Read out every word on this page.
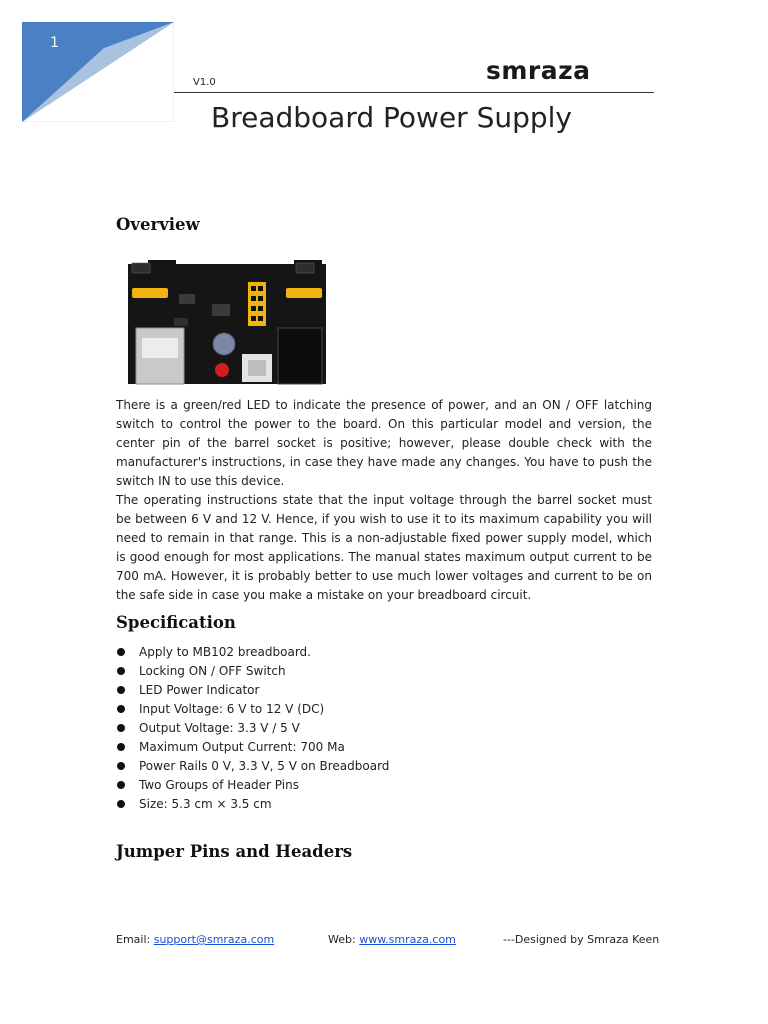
1
V1.0	smraza
Breadboard Power Supply
Overview

There is a green/red LED to indicate the presence of power, and an ON / OFF latching switch to control the power to the board. On this particular model and version, the center pin of the barrel socket is positive; however, please double check with the manufacturer's instructions, in case they have made any changes. You have to push the switch IN to use this device.

The operating instructions state that the input voltage through the barrel socket must be between 6 V and 12 V. Hence, if you wish to use it to its maximum capability you will need to remain in that range. This is a non-adjustable fixed power supply model, which is good enough for most applications. The manual states maximum output current to be 700 mA. However, it is probably better to use much lower voltages and current to be on the safe side in case you make a mistake on your breadboard circuit.

Specification
Apply to MB102 breadboard.
Locking ON / OFF Switch
LED Power Indicator
Input Voltage: 6 V to 12 V (DC)
Output Voltage: 3.3 V / 5 V
Maximum Output Current: 700 Ma
Power Rails 0 V, 3.3 V, 5 V on Breadboard
Two Groups of Header Pins
Size: 5.3 cm × 3.5 cm
Jumper Pins and Headers
Email: support@smraza.com	Web: www.smraza.com	---Designed by Smraza Keen
